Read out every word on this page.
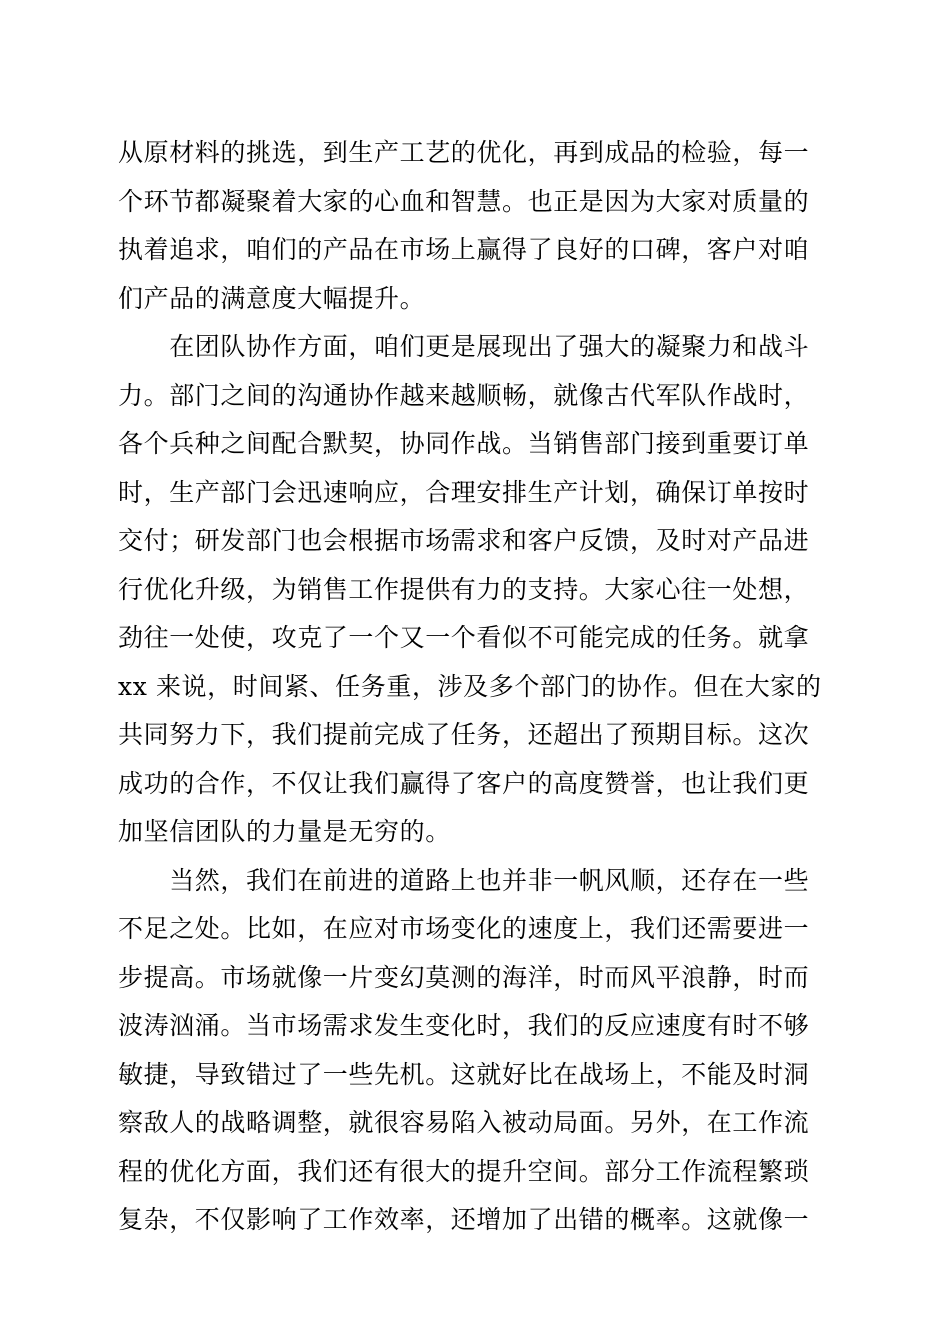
从原材料的挑选，到生产工艺的优化，再到成品的检验，每一
个环节都凝聚着大家的心血和智慧。也正是因为大家对质量的
执着追求，咱们的产品在市场上赢得了良好的口碑，客户对咱
们产品的满意度大幅提升。
　　在团队协作方面，咱们更是展现出了强大的凝聚力和战斗
力。部门之间的沟通协作越来越顺畅，就像古代军队作战时，
各个兵种之间配合默契，协同作战。当销售部门接到重要订单
时，生产部门会迅速响应，合理安排生产计划，确保订单按时
交付；研发部门也会根据市场需求和客户反馈，及时对产品进
行优化升级，为销售工作提供有力的支持。大家心往一处想，
劲往一处使，攻克了一个又一个看似不可能完成的任务。就拿
xx 来说，时间紧、任务重，涉及多个部门的协作。但在大家的
共同努力下，我们提前完成了任务，还超出了预期目标。这次
成功的合作，不仅让我们赢得了客户的高度赞誉，也让我们更
加坚信团队的力量是无穷的。
　　当然，我们在前进的道路上也并非一帆风顺，还存在一些
不足之处。比如，在应对市场变化的速度上，我们还需要进一
步提高。市场就像一片变幻莫测的海洋，时而风平浪静，时而
波涛汹涌。当市场需求发生变化时，我们的反应速度有时不够
敏捷，导致错过了一些先机。这就好比在战场上，不能及时洞
察敌人的战略调整，就很容易陷入被动局面。另外，在工作流
程的优化方面，我们还有很大的提升空间。部分工作流程繁琐
复杂，不仅影响了工作效率，还增加了出错的概率。这就像一
